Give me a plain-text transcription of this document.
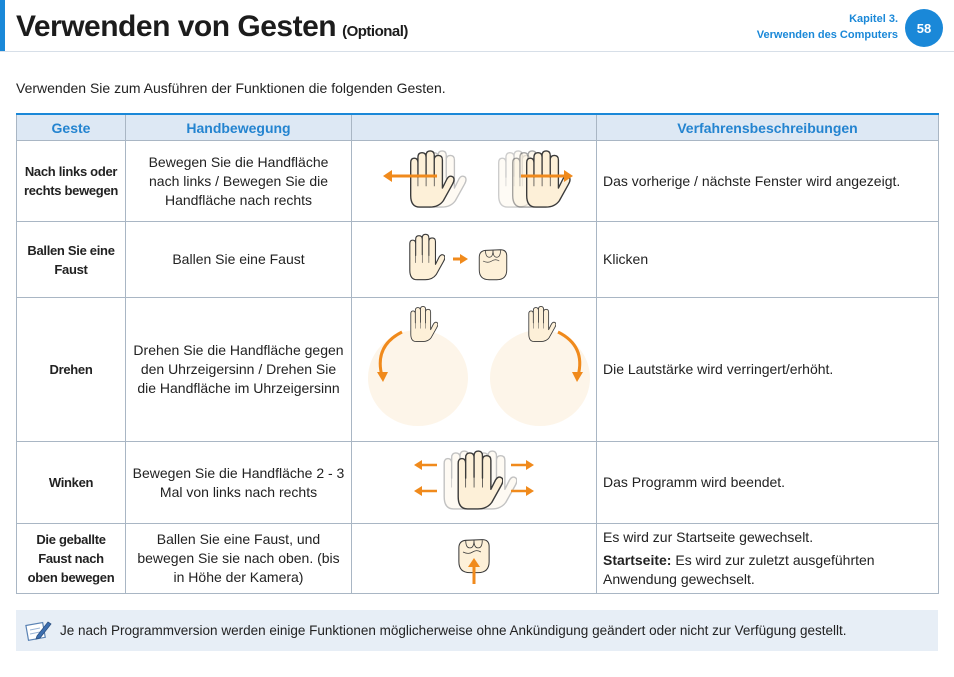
Verwenden von Gesten (Optional)
Kapitel 3.
Verwenden des Computers	58
Verwenden Sie zum Ausführen der Funktionen die folgenden Gesten.
Geste	Handbewegung		Verfahrensbeschreibungen
Nach links oder rechts bewegen	Bewegen Sie die Handfläche nach links / Bewegen Sie die Handfläche nach rechts		Das vorherige / nächste Fenster wird angezeigt.
Ballen Sie eine Faust	Ballen Sie eine Faust		Klicken
Drehen	Drehen Sie die Handfläche gegen den Uhrzeigersinn / Drehen Sie die Handfläche im Uhrzeigersinn		Die Lautstärke wird verringert/erhöht.
Winken	Bewegen Sie die Handfläche 2 - 3 Mal von links nach rechts		Das Programm wird beendet.
Die geballte Faust nach oben bewegen	Ballen Sie eine Faust, und bewegen Sie sie nach oben. (bis in Höhe der Kamera)		Es wird zur Startseite gewechselt.
Startseite: Es wird zur zuletzt ausgeführten Anwendung gewechselt.
Je nach Programmversion werden einige Funktionen möglicherweise ohne Ankündigung geändert oder nicht zur Verfügung gestellt.
